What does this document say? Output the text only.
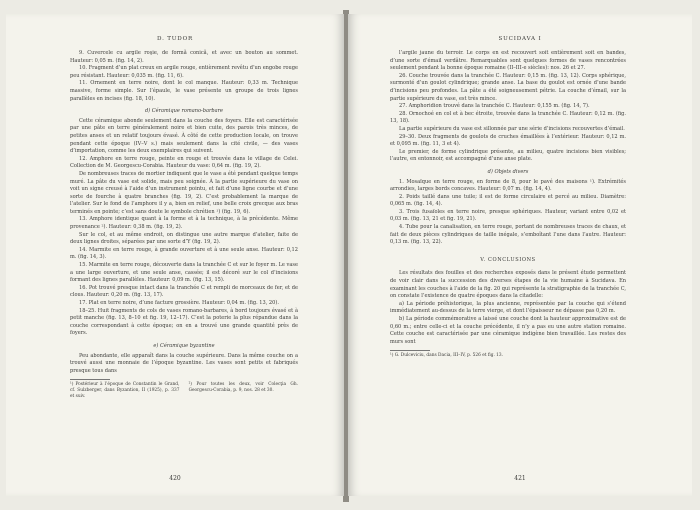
D. TUDOR

9. Cuvercele cu argile roşie, de formă conică, et avec un bouton au sommet. Hauteur: 0,05 m. (fig. 14, 2).

10. Fragment d’un plat creux en argile rouge, entièrement revêtu d’un engobe rouge peu résistant. Hauteur: 0,035 m. (fig. 11, 6).

11. Ornement en terre noire, dont le col manque. Hauteur: 0,33 m. Technique massive, forme simple. Sur l’épaule, le vase présente un groupe de trois lignes parallèles en incises (fig. 18, 10).

d) Céramique romano-barbare

Cette céramique abonde seulement dans la couche des foyers. Elle est caractérisée par une pâte en terre généralement noire et bien cuite, des parois très minces, de petites anses et un relatif toujours évasé. À côté de cette production locale, on trouve pendant cette époque (IV–V s.) mais seulement dans la cité civile, — des vases d’importation, comme les deux exemplaires qui suivent.

12. Amphore en terre rouge, peinte en rouge et trouvée dans le village de Celei. Collection de M. Georgescu-Corabia. Hauteur du vase: 0,64 m. (fig. 19, 2).

De nombreuses traces de mortier indiquent que le vase a été pendant quelque temps muré. La pâte du vase est solide, mais peu soignée. À la partie supérieure du vase on voit un signe creusé à l’aide d’un instrument pointu, et fait d’une ligne courbe et d’une sorte de fourche à quatre branches (fig. 19, 2). C’est probablement la marque de l’atelier. Sur le fond de l’amphore il y a, bien en relief, une belle croix grecque aux bras terminés en pointe; c’est sans doute le symbole chrétien ¹) (fig. 19, 6).

13. Amphore identique quant à la forme et à la technique, à la précédente. Même provenance ²). Hauteur: 0,38 m. (fig. 19, 2).

Sur le col, et au même endroit, on distingue une autre marque d’atelier, faite de deux lignes droites, séparées par une sorte d’Y (fig. 19, 2).

14. Marmite en terre rouge, à grande ouverture et à une seule anse. Hauteur: 0,12 m. (fig. 14, 3).

15. Marmite en terre rouge, découverte dans la tranchée C et sur le foyer m. Le vase a une large ouverture, et une seule anse, cassée; il est décoré sur le col d’incisions formant des lignes parallèles. Hauteur: 0,09 m. (fig. 13, 15).

16. Pot trouvé presque intact dans la tranchée C et rempli de morceaux de fer, et de clous. Hauteur: 0,20 m. (fig. 13, 17).

17. Plat en terre noire, d’une facture grossière. Hauteur: 0,04 m. (fig. 13, 20).

18–25. Huit fragments de cols de vases romano-barbares, à bord toujours évasé et à petit manche (fig. 13, 8–10 et fig. 19, 12–17). C’est la poterie la plus répandue dans la couche correspondant à cette époque; on en a trouvé une grande quantité près de foyers.

e) Céramique byzantine

Peu abondante, elle apparaît dans la couche supérieure. Dans la même couche on a trouvé aussi une monnaie de l’époque byzantine. Les vases sont petits et fabriqués presque tous dans

¹) Postérieur à l’époque de Constantin le Grand, cf. Sulzberger, dans Byzantion, II (1925), p. 337 et suiv.
²) Pour toutes les deux, voir Colecţia Gh. Georgescu-Corabia, p. 9, nos. 28 et 30.
420
SUCIDAVA I

l’argile jaune du terroir. Le corps en est recouvert soit entièrement soit en bandes, d’une sorte d’émail verdâtre. Remarquables sont quelques formes de vases rencontrées seulement pendant la bonne époque romaine (II–III-e siècles): nos. 26 et 27.

26. Couche trouvée dans la tranchée C. Hauteur: 0,15 m. (fig. 13, 12). Corps sphérique, surmonté d’un goulot cylindrique; grande anse. La base du goulot est ornée d’une bande d’incisions peu profondes. La pâte a été soigneusement pétrie. La couche d’émail, sur la partie supérieure du vase, est très mince.

27. Amphoridion trouvé dans la tranchée C. Hauteur: 0,155 m. (fig. 14, 7).

28. Ornochoé en col et à bec étroite, trouvée dans la tranchée C. Hauteur: 0,12 m. (fig. 13, 18).

La partie supérieure du vase est sillonnée par une série d’incisions recouvertes d’émail.

29–30. Deux fragments de goulots de cruches émaillées à l’extérieur. Hauteur: 0,12 m. et 0,095 m. (fig. 11, 3 et 4).

Le premier, de forme cylindrique présente, au milieu, quatre incisions bien visibles; l’autre, en entonnoir, est accompagné d’une anse plate.

d) Objets divers

1. Mosaïque en terre rouge, en forme de 8, pour le pavé des maisons ¹). Extrémités arrondies, larges bords concaves. Hauteur: 0,07 m. (fig. 14, 4).

2. Poids taillé dans une tuile; il est de forme circulaire et percé au milieu. Diamètre: 0,065 m. (fig. 14, 4).

3. Trois fusaïoles en terre noire, presque sphériques. Hauteur, variant entre 0,02 et 0,03 m. (fig. 13, 21 et fig. 19, 21).

4. Tube pour la canalisation, en terre rouge, portant de nombreuses traces de chaux, et fait de deux pièces cylindriques de taille inégale, s’emboîtant l’une dans l’autre. Hauteur: 0,13 m. (fig. 13, 22).

V. CONCLUSIONS

Les résultats des fouilles et des recherches exposés dans le présent étude permettent de voir clair dans la succession des diverses étapes de la vie humaine à Sucidava. En examinant les couches à l’aide de la fig. 20 qui représente la stratigraphie de la tranchée C, on constate l’existence de quatre époques dans la citadelle:

a) La période préhistorique, la plus ancienne, représentée par la couche qui s’étend immédiatement au-dessus de la terre vierge, et dont l’épaisseur ne dépasse pas 0,20 m.

b) La période commémorative a laissé une couche dont la hauteur approximative est de 0,60 m.; entre celle-ci et la couche précédente, il n’y a pas eu une autre station romaine. Cette couche est caractérisée par une céramique indigène bien travaillée. Les restes des murs sont

¹) G. Dulceviciu, dans Dacia, III–IV, p. 526 et fig. 13.
421
